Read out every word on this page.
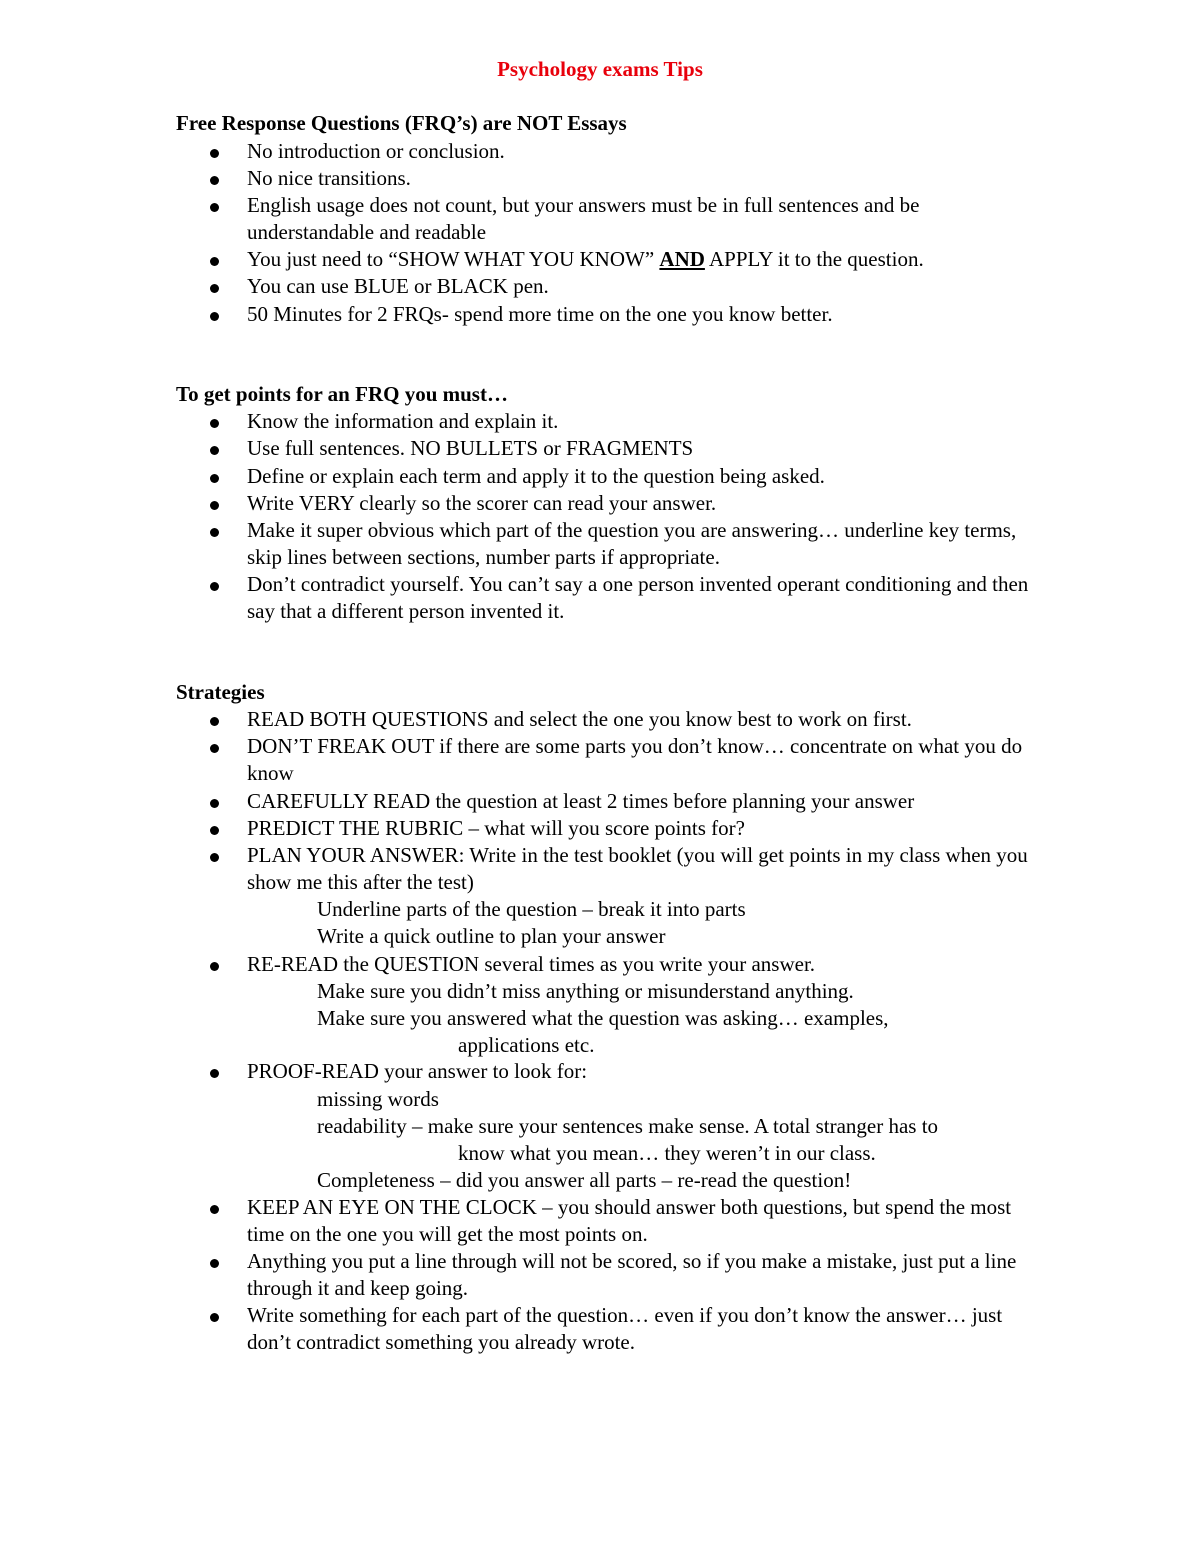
Psychology exams Tips
Free Response Questions (FRQ’s) are NOT Essays
No introduction or conclusion.
No nice transitions.
English usage does not count, but your answers must be in full sentences and be understandable and readable
You just need to “SHOW WHAT YOU KNOW” AND APPLY it to the question.
You can use BLUE or BLACK pen.
50 Minutes for 2 FRQs- spend more time on the one you know better.
To get points for an FRQ you must…
Know the information and explain it.
Use full sentences. NO BULLETS or FRAGMENTS
Define or explain each term and apply it to the question being asked.
Write VERY clearly so the scorer can read your answer.
Make it super obvious which part of the question you are answering… underline key terms, skip lines between sections, number parts if appropriate.
Don’t contradict yourself. You can’t say a one person invented operant conditioning and then say that a different person invented it.
Strategies
READ BOTH QUESTIONS and select the one you know best to work on first.
DON’T FREAK OUT if there are some parts you don’t know… concentrate on what you do know
CAREFULLY READ the question at least 2 times before planning your answer
PREDICT THE RUBRIC – what will you score points for?
PLAN YOUR ANSWER: Write in the test booklet (you will get points in my class when you show me this after the test)
Underline parts of the question – break it into parts
Write a quick outline to plan your answer
RE-READ the QUESTION several times as you write your answer.
Make sure you didn’t miss anything or misunderstand anything.
Make sure you answered what the question was asking… examples,
applications etc.
PROOF-READ your answer to look for:
missing words
readability – make sure your sentences make sense. A total stranger has to
know what you mean… they weren’t in our class.
Completeness – did you answer all parts – re-read the question!
KEEP AN EYE ON THE CLOCK – you should answer both questions, but spend the most time on the one you will get the most points on.
Anything you put a line through will not be scored, so if you make a mistake, just put a line through it and keep going.
Write something for each part of the question… even if you don’t know the answer… just don’t contradict something you already wrote.
